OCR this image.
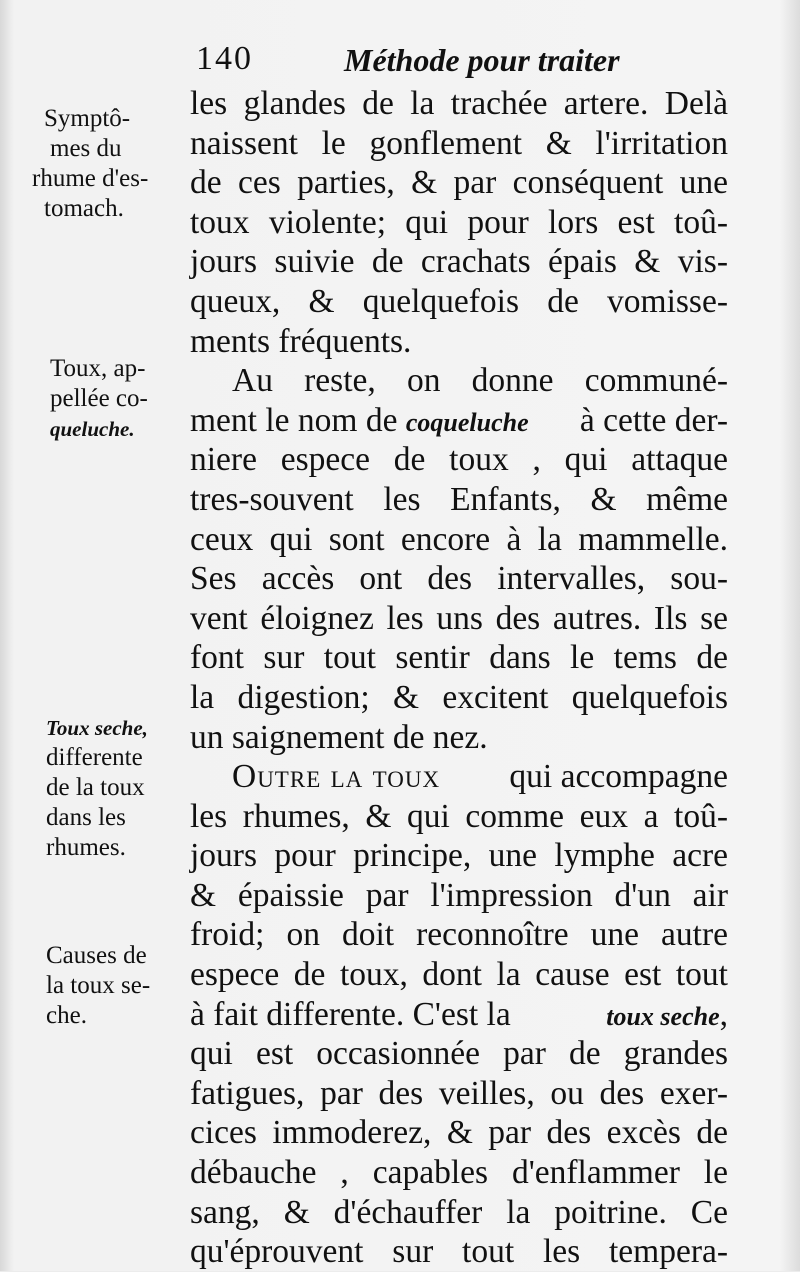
140	Méthode pour traiter
Symptô-
mes du
rhume d'es-
tomach.
Toux, ap-
pellée co-
queluche.
Toux seche,
differente
de la toux
dans les
rhumes.
Causes de
la toux se-
che.
les glandes de la trachée artere. Delà
naissent le gonflement & l'irritation
de ces parties, & par conséquent une
toux violente; qui pour lors est toû-
jours suivie de crachats épais & vis-
queux, & quelquefois de vomisse-
ments fréquents.
Au reste, on donne communé-
ment le nom de coqueluche à cette der-
niere espece de toux , qui attaque
tres-souvent les Enfants, & même
ceux qui sont encore à la mammelle.
Ses accès ont des intervalles, sou-
vent éloignez les uns des autres. Ils se
font sur tout sentir dans le tems de
la digestion; & excitent quelquefois
un saignement de nez.
Outre la toux qui accompagne
les rhumes, & qui comme eux a toû-
jours pour principe, une lymphe acre
& épaissie par l'impression d'un air
froid; on doit reconnoître une autre
espece de toux, dont la cause est tout
à fait differente. C'est la	toux seche,
qui est occasionnée par de grandes
fatigues, par des veilles, ou des exer-
cices immoderez, & par des excès de
débauche , capables d'enflammer le
sang, & d'échauffer la poitrine. Ce
qu'éprouvent sur tout les tempera-
